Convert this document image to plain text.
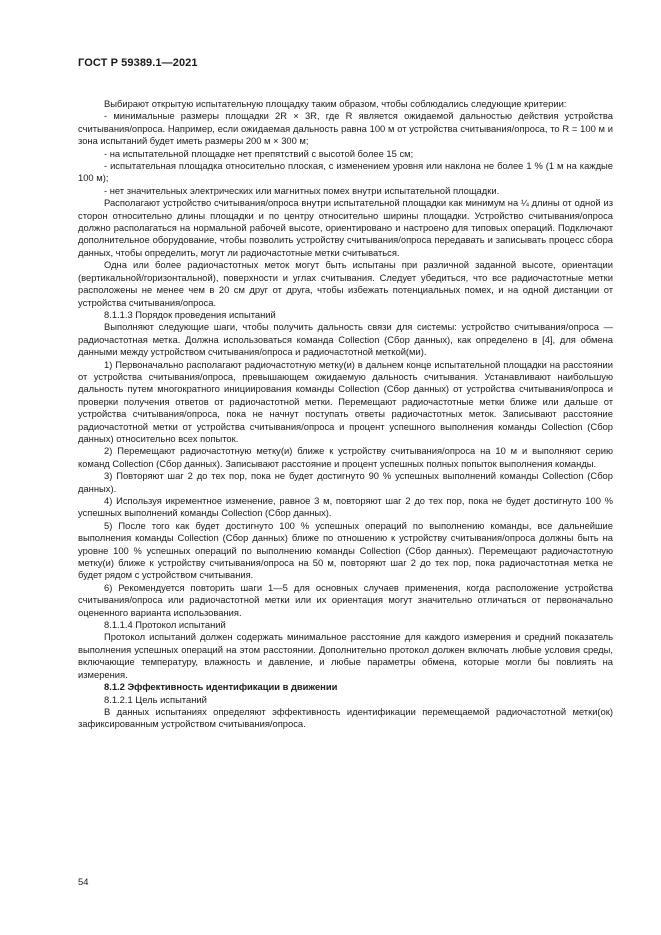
ГОСТ Р 59389.1—2021

Выбирают открытую испытательную площадку таким образом, чтобы соблюдались следующие критерии:

- минимальные размеры площадки 2R × 3R, где R является ожидаемой дальностью действия устройства считывания/опроса. Например, если ожидаемая дальность равна 100 м от устройства считывания/опроса, то R = 100 м и зона испытаний будет иметь размеры 200 м × 300 м;

- на испытательной площадке нет препятствий с высотой более 15 см;

- испытательная площадка относительно плоская, с изменением уровня или наклона не более 1 % (1 м на каждые 100 м);

- нет значительных электрических или магнитных помех внутри испытательной площадки.

Располагают устройство считывания/опроса внутри испытательной площадки как минимум на ¼ длины от одной из сторон относительно длины площадки и по центру относительно ширины площадки. Устройство считывания/опроса должно располагаться на нормальной рабочей высоте, ориентировано и настроено для типовых операций. Подключают дополнительное оборудование, чтобы позволить устройству считывания/опроса передавать и записывать процесс сбора данных, чтобы определить, могут ли радиочастотные метки считываться.

Одна или более радиочастотных меток могут быть испытаны при различной заданной высоте, ориентации (вертикальной/горизонтальной), поверхности и углах считывания. Следует убедиться, что все радиочастотные метки расположены не менее чем в 20 см друг от друга, чтобы избежать потенциальных помех, и на одной дистанции от устройства считывания/опроса.

8.1.1.3 Порядок проведения испытаний

Выполняют следующие шаги, чтобы получить дальность связи для системы: устройство считывания/опроса — радиочастотная метка. Должна использоваться команда Collection (Сбор данных), как определено в [4], для обмена данными между устройством считывания/опроса и радиочастотной меткой(ми).

1) Первоначально располагают радиочастотную метку(и) в дальнем конце испытательной площадки на расстоянии от устройства считывания/опроса, превышающем ожидаемую дальность считывания. Устанавливают наибольшую дальность путем многократного инициирования команды Collection (Сбор данных) от устройства считывания/опроса и проверки получения ответов от радиочастотной метки. Перемещают радиочастотные метки ближе или дальше от устройства считывания/опроса, пока не начнут поступать ответы радиочастотных меток. Записывают расстояние радиочастотной метки от устройства считывания/опроса и процент успешного выполнения команды Collection (Сбор данных) относительно всех попыток.

2) Перемещают радиочастотную метку(и) ближе к устройству считывания/опроса на 10 м и выполняют серию команд Collection (Сбор данных). Записывают расстояние и процент успешных полных попыток выполнения команды.

3) Повторяют шаг 2 до тех пор, пока не будет достигнуто 90 % успешных выполнений команды Collection (Сбор данных).

4) Используя икрементное изменение, равное 3 м, повторяют шаг 2 до тех пор, пока не будет достигнуто 100 % успешных выполнений команды Collection (Сбор данных).

5) После того как будет достигнуто 100 % успешных операций по выполнению команды, все дальнейшие выполнения команды Collection (Сбор данных) ближе по отношению к устройству считывания/опроса должны быть на уровне 100 % успешных операций по выполнению команды Collection (Сбор данных). Перемещают радиочастотную метку(и) ближе к устройству считывания/опроса на 50 м, повторяют шаг 2 до тех пор, пока радиочастотная метка не будет рядом с устройством считывания.

6) Рекомендуется повторить шаги 1—5 для основных случаев применения, когда расположение устройства считывания/опроса или радиочастотной метки или их ориентация могут значительно отличаться от первоначально оцененного варианта использования.

8.1.1.4 Протокол испытаний

Протокол испытаний должен содержать минимальное расстояние для каждого измерения и средний показатель выполнения успешных операций на этом расстоянии. Дополнительно протокол должен включать любые условия среды, включающие температуру, влажность и давление, и любые параметры обмена, которые могли бы повлиять на измерения.

8.1.2 Эффективность идентификации в движении

8.1.2.1 Цель испытаний

В данных испытаниях определяют эффективность идентификации перемещаемой радиочастотной метки(ок) зафиксированным устройством считывания/опроса.

54
